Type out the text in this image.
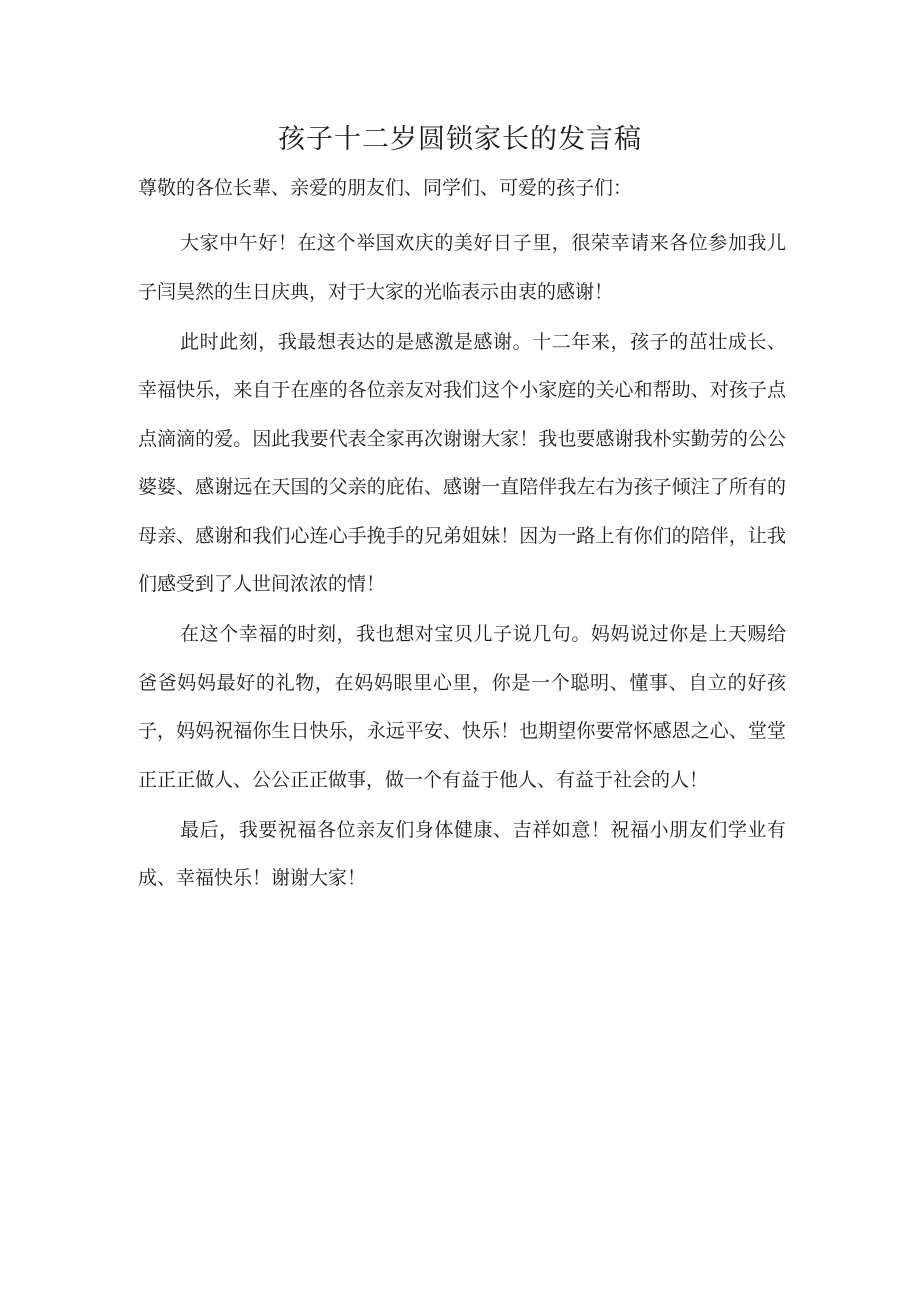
孩子十二岁圆锁家长的发言稿

尊敬的各位长辈、亲爱的朋友们、同学们、可爱的孩子们：

大家中午好！在这个举国欢庆的美好日子里，很荣幸请来各位参加我儿子闫昊然的生日庆典，对于大家的光临表示由衷的感谢！

此时此刻，我最想表达的是感激是感谢。十二年来，孩子的茁壮成长、幸福快乐，来自于在座的各位亲友对我们这个小家庭的关心和帮助、对孩子点点滴滴的爱。因此我要代表全家再次谢谢大家！我也要感谢我朴实勤劳的公公婆婆、感谢远在天国的父亲的庇佑、感谢一直陪伴我左右为孩子倾注了所有的母亲、感谢和我们心连心手挽手的兄弟姐妹！因为一路上有你们的陪伴，让我们感受到了人世间浓浓的情！

在这个幸福的时刻，我也想对宝贝儿子说几句。妈妈说过你是上天赐给爸爸妈妈最好的礼物，在妈妈眼里心里，你是一个聪明、懂事、自立的好孩子，妈妈祝福你生日快乐，永远平安、快乐！也期望你要常怀感恩之心、堂堂正正正做人、公公正正做事，做一个有益于他人、有益于社会的人！

最后，我要祝福各位亲友们身体健康、吉祥如意！祝福小朋友们学业有成、幸福快乐！谢谢大家！
